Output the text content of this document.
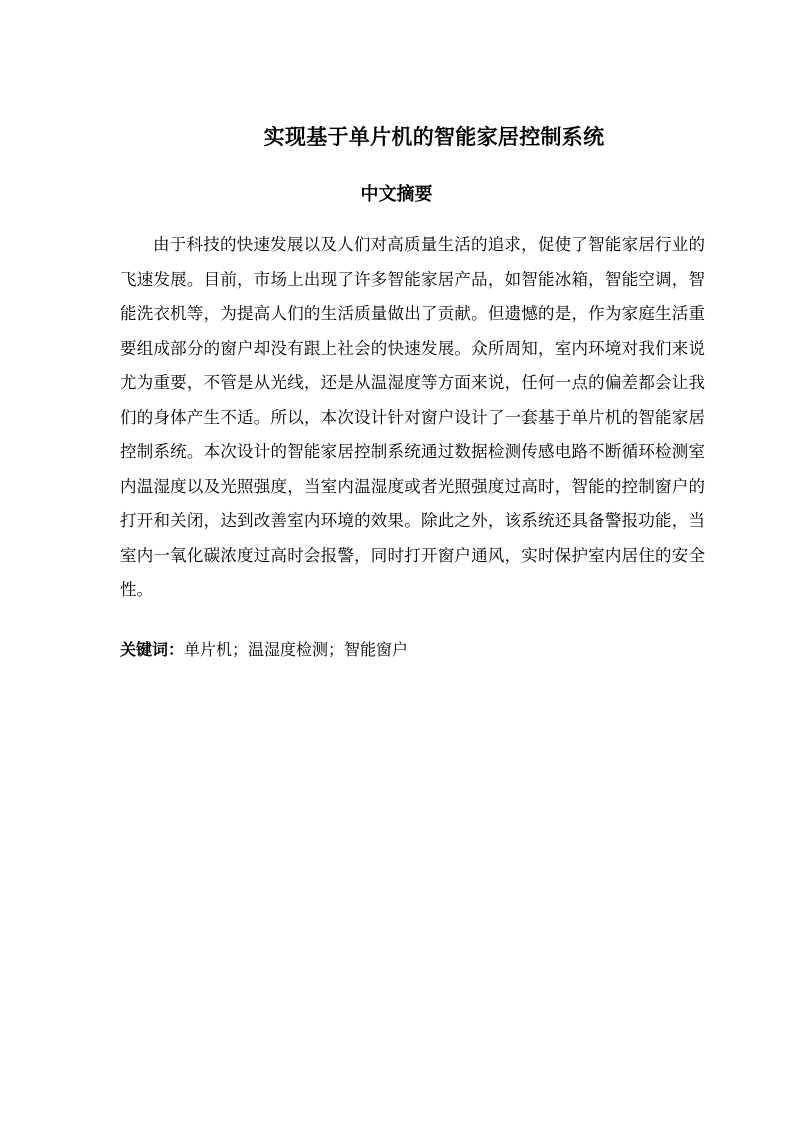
实现基于单片机的智能家居控制系统
中文摘要

由于科技的快速发展以及人们对高质量生活的追求，促使了智能家居行业的飞速发展。目前，市场上出现了许多智能家居产品，如智能冰箱，智能空调，智能洗衣机等，为提高人们的生活质量做出了贡献。但遗憾的是，作为家庭生活重要组成部分的窗户却没有跟上社会的快速发展。众所周知，室内环境对我们来说尤为重要，不管是从光线，还是从温湿度等方面来说，任何一点的偏差都会让我们的身体产生不适。所以，本次设计针对窗户设计了一套基于单片机的智能家居控制系统。本次设计的智能家居控制系统通过数据检测传感电路不断循环检测室内温湿度以及光照强度，当室内温湿度或者光照强度过高时，智能的控制窗户的打开和关闭，达到改善室内环境的效果。除此之外，该系统还具备警报功能，当室内一氧化碳浓度过高时会报警，同时打开窗户通风，实时保护室内居住的安全性。

关键词：单片机；温湿度检测；智能窗户
